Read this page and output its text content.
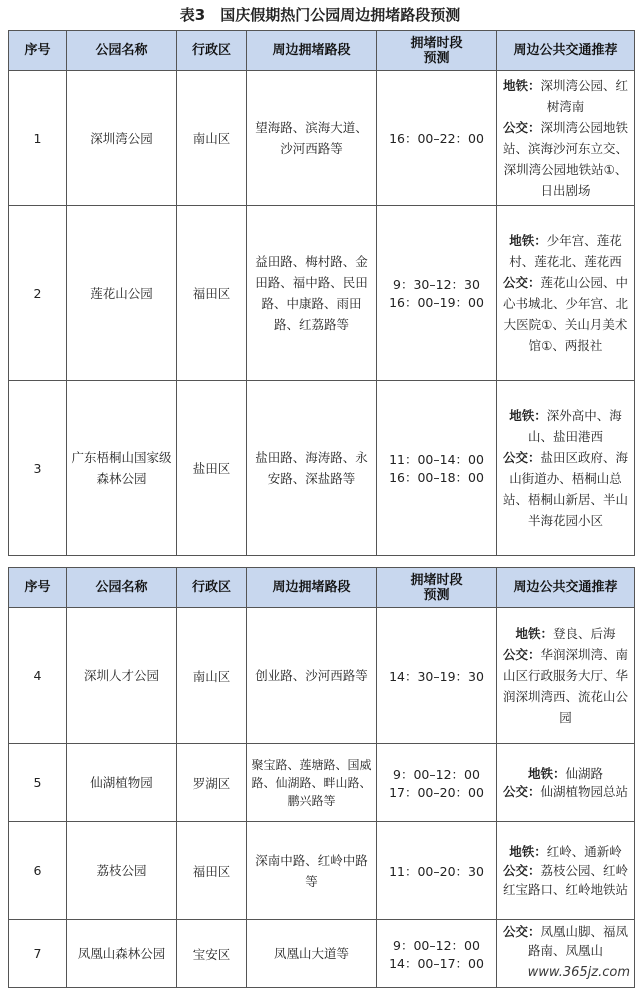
表3　国庆假期热门公园周边拥堵路段预测
序号	公园名称	行政区	周边拥堵路段	拥堵时段
预测	周边公共交通推荐
1	深圳湾公园	南山区	望海路、滨海大道、沙河西路等	16：00–22：00	地铁：深圳湾公园、红树湾南
公交：深圳湾公园地铁站、滨海沙河东立交、深圳湾公园地铁站①、日出剧场
2	莲花山公园	福田区	益田路、梅村路、金田路、福中路、民田路、中康路、雨田路、红荔路等	9：30–12：30
16：00–19：00	地铁：少年宫、莲花村、莲花北、莲花西
公交：莲花山公园、中心书城北、少年宫、北大医院①、关山月美术馆①、两报社
3	广东梧桐山国家级森林公园	盐田区	盐田路、海涛路、永安路、深盐路等	11：00–14：00
16：00–18：00	地铁：深外高中、海山、盐田港西
公交：盐田区政府、海山街道办、梧桐山总站、梧桐山新居、半山半海花园小区
序号	公园名称	行政区	周边拥堵路段	拥堵时段
预测	周边公共交通推荐
4	深圳人才公园	南山区	创业路、沙河西路等	14：30–19：30	地铁：登良、后海
公交：华润深圳湾、南山区行政服务大厅、华润深圳湾西、流花山公园
5	仙湖植物园	罗湖区	聚宝路、莲塘路、国威路、仙湖路、畔山路、鹏兴路等	9：00–12：00
17：00–20：00	地铁：仙湖路
公交：仙湖植物园总站
6	荔枝公园	福田区	深南中路、红岭中路等	11：00–20：30	地铁：红岭、通新岭
公交：荔枝公园、红岭红宝路口、红岭地铁站
7	凤凰山森林公园	宝安区	凤凰山大道等	9：00–12：00
14：00–17：00	公交：凤凰山脚、福凤路南、凤凰山
www.365jz.com
